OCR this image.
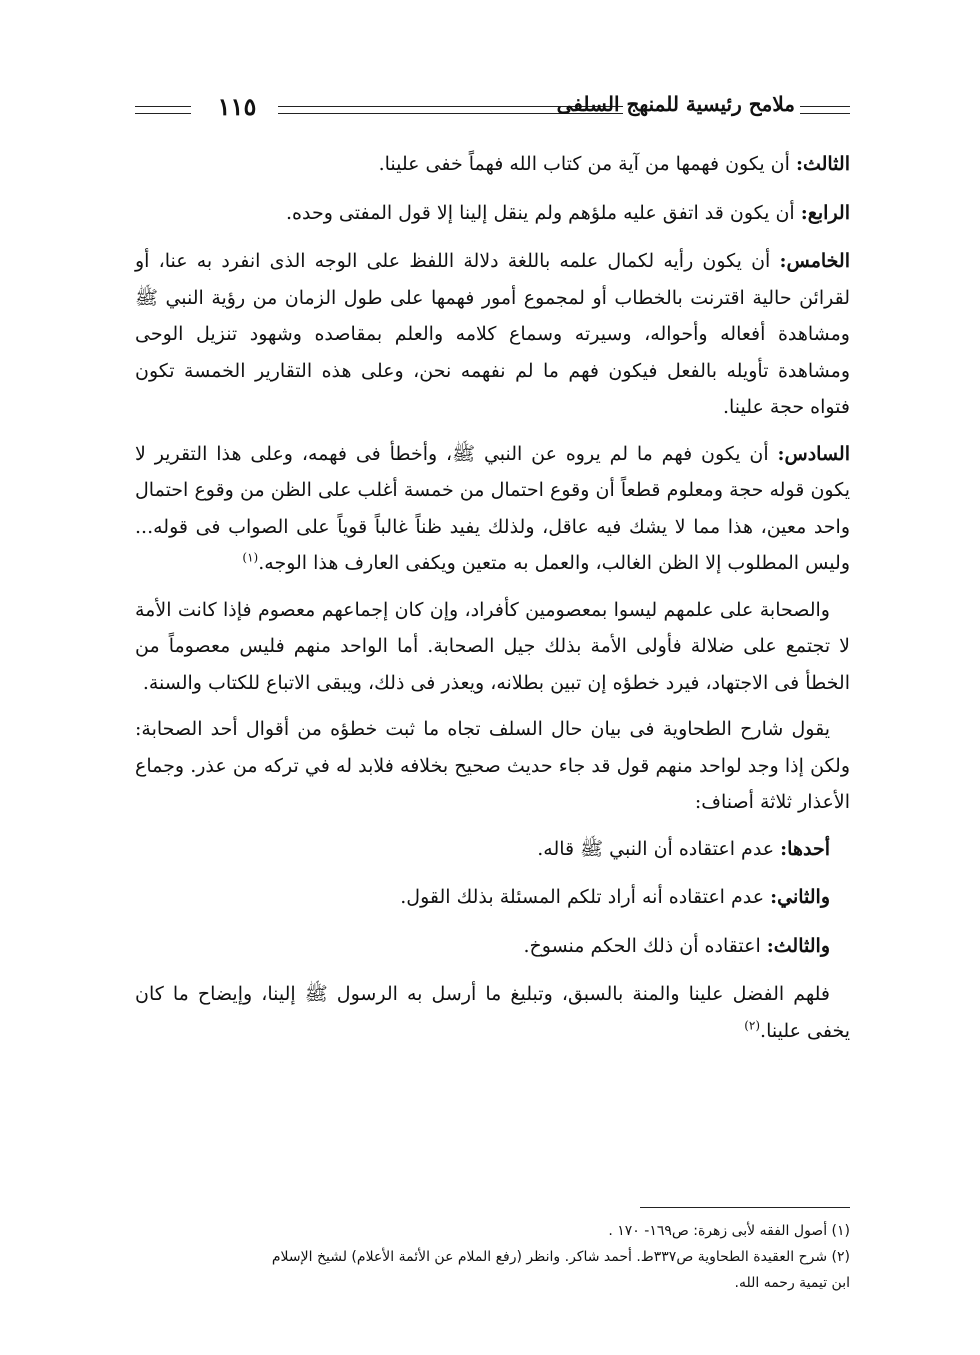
١١٥	ملامح رئيسية للمنهج السلفى

الثالث: أن يكون فهمها من آية من كتاب الله فهماً خفى علينا.

الرابع: أن يكون قد اتفق عليه ملؤهم ولم ينقل إلينا إلا قول المفتى وحده.

الخامس: أن يكون رأيه لكمال علمه باللغة دلالة اللفظ على الوجه الذى انفرد به عنا، أو لقرائن حالية اقترنت بالخطاب أو لمجموع أمور فهمها على طول الزمان من رؤية النبي ﷺ ومشاهدة أفعاله وأحواله، وسيرته وسماع كلامه والعلم بمقاصده وشهود تنزيل الوحى ومشاهدة تأويله بالفعل فيكون فهم ما لم نفهمه نحن، وعلى هذه التقارير الخمسة تكون فتواه حجة علينا.

السادس: أن يكون فهم ما لم يروه عن النبي ﷺ، وأخطأ فى فهمه، وعلى هذا التقرير لا يكون قوله حجة ومعلوم قطعاً أن وقوع احتمال من خمسة أغلب على الظن من وقوع احتمال واحد معين، هذا مما لا يشك فيه عاقل، ولذلك يفيد ظناً غالباً قوياً على الصواب فى قوله... وليس المطلوب إلا الظن الغالب، والعمل به متعين ويكفى العارف هذا الوجه.$^{(١)}$

والصحابة على علمهم ليسوا بمعصومين كأفراد، وإن كان إجماعهم معصوم فإذا كانت الأمة لا تجتمع على ضلالة فأولى الأمة بذلك جيل الصحابة. أما الواحد منهم فليس معصوماً من الخطأ فى الاجتهاد، فيرد خطؤه إن تبين بطلانه، ويعذر فى ذلك، ويبقى الاتباع للكتاب والسنة.

يقول شارح الطحاوية فى بيان حال السلف تجاه ما ثبت خطؤه من أقوال أحد الصحابة: ولكن إذا وجد لواحد منهم قول قد جاء حديث صحيح بخلافه فلابد له في تركه من عذر. وجماع الأعذار ثلاثة أصناف:

أحدها: عدم اعتقاده أن النبي ﷺ قاله.

والثاني: عدم اعتقاده أنه أراد تلكم المسئلة بذلك القول.

والثالث: اعتقاده أن ذلك الحكم منسوخ.

فلهم الفضل علينا والمنة بالسبق، وتبليغ ما أرسل به الرسول ﷺ إلينا، وإيضاح ما كان يخفى علينا.$^{(٢)}$

(١) أصول الفقه لأبى زهرة: ص١٦٩- ١٧٠ .

(٢) شرح العقيدة الطحاوية ص٣٣٧ط. أحمد شاكر. وانظر (رفع الملام عن الأئمة الأعلام) لشيخ الإسلام

ابن تيمية رحمه الله.
